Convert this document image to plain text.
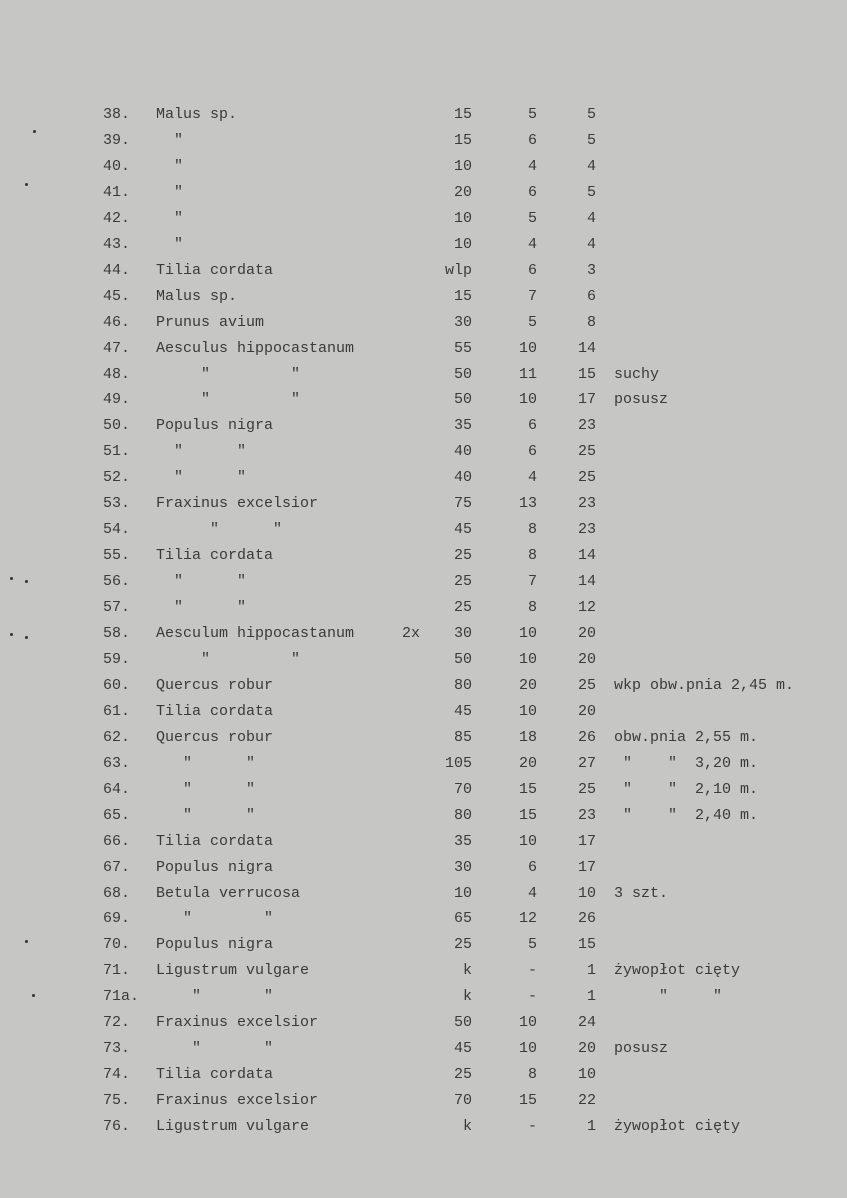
38.	Malus sp.	15	5	5
39.	"	15	6	5
40.	"	10	4	4
41.	"	20	6	5
42.	"	10	5	4
43.	"	10	4	4
44.	Tilia cordata	wlp	6	3
45.	Malus sp.	15	7	6
46.	Prunus avium	30	5	8
47.	Aesculus hippocastanum	55	10	14
48.	"         "	50	11	15 suchy
49.	"         "	50	10	17 posusz
50.	Populus nigra	35	6	23
51.	"      "	40	6	25
52.	"      "	40	4	25
53.	Fraxinus excelsior	75	13	23
54.	"      "	45	8	23
55.	Tilia cordata	25	8	14
56.	"      "	25	7	14
57.	"      "	25	8	12
58.	Aesculum hippocastanum	2x	30	10	20
59.	"         "	50	10	20
60.	Quercus robur	80	20	25 wkp obw.pnia 2,45 m.
61.	Tilia cordata	45	10	20
62.	Quercus robur	85	18	26 obw.pnia 2,55 m.
63.	"      "	105	20	27 "    "  3,20 m.
64.	"      "	70	15	25 "    "  2,10 m.
65.	"      "	80	15	23 "    "  2,40 m.
66.	Tilia cordata	35	10	17
67.	Populus nigra	30	6	17
68.	Betula verrucosa	10	4	10 3 szt.
69.	"        "	65	12	26
70.	Populus nigra	25	5	15
71.	Ligustrum vulgare	k	-	1 żywopłot cięty
71a.	"       "	k	-	1 "     "
72.	Fraxinus excelsior	50	10	24
73.	"       "	45	10	20 posusz
74.	Tilia cordata	25	8	10
75.	Fraxinus excelsior	70	15	22
76.	Ligustrum vulgare	k	-	1 żywopłot cięty
